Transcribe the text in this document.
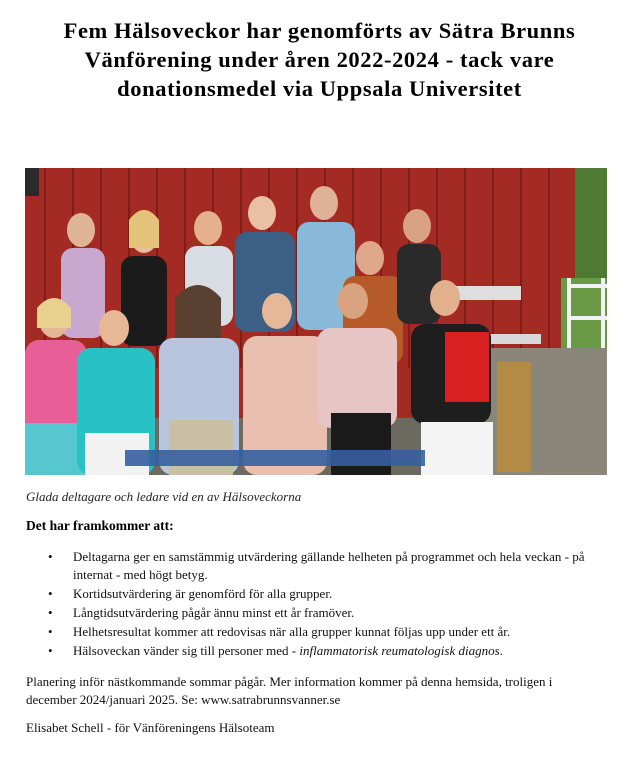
Fem Hälsoveckor har genomförts av Sätra Brunns Vänförening under åren 2022-2024 - tack vare donationsmedel via Uppsala Universitet

Glada deltagare och ledare vid en av Hälsoveckorna

Det har framkommer att:

• Deltagarna ger en samstämmig utvärdering gällande helheten på programmet och hela veckan - på internat - med högt betyg.
• Kortidsutvärdering är genomförd för alla grupper.
• Långtidsutvärdering pågår ännu minst ett år framöver.
• Helhetsresultat kommer att redovisas när alla grupper kunnat följas upp under ett år.
• Hälsoveckan vänder sig till personer med - inflammatorisk reumatologisk diagnos.

Planering inför nästkommande sommar pågår. Mer information kommer på denna hemsida, troligen i december 2024/januari 2025. Se: www.satrabrunnsvanner.se

Elisabet Schell - för Vänföreningens Hälsoteam
